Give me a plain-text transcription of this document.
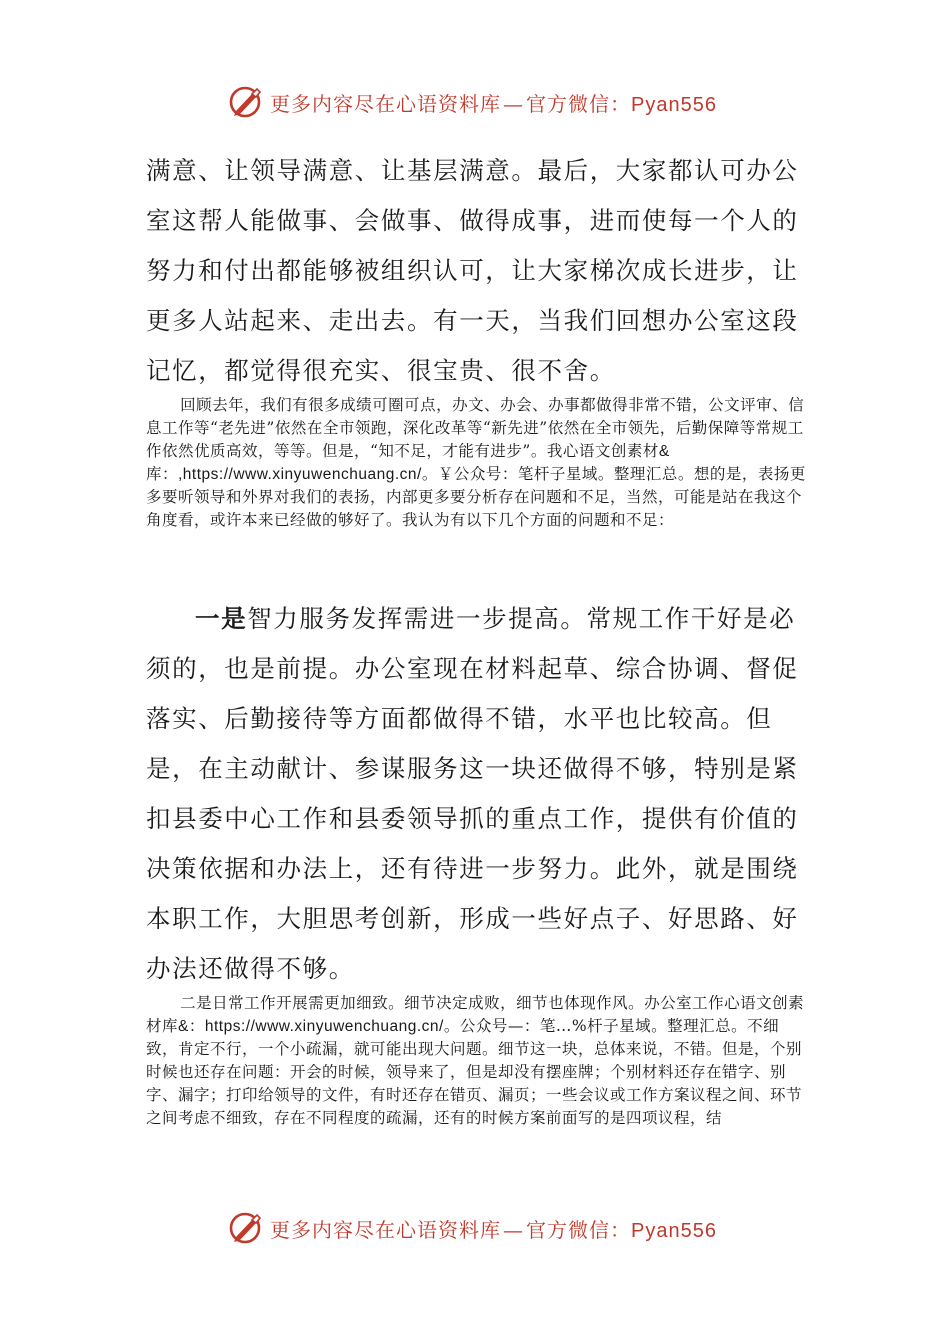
更多内容尽在心语资料库 — 官方微信：Pyan556

满意、让领导满意、让基层满意。最后，大家都认可办公室这帮人能做事、会做事、做得成事，进而使每一个人的努力和付出都能够被组织认可，让大家梯次成长进步，让更多人站起来、走出去。有一天，当我们回想办公室这段记忆，都觉得很充实、很宝贵、很不舍。

回顾去年，我们有很多成绩可圈可点，办文、办会、办事都做得非常不错，公文评审、信息工作等“老先进”依然在全市领跑，深化改革等“新先进”依然在全市领先，后勤保障等常规工作依然优质高效，等等。但是，“知不足，才能有进步”。我心语文创素材&库：,https://www.xinyuwenchuang.cn/。￥公众号：笔杆子星域。整理汇总。想的是，表扬更多要听领导和外界对我们的表扬，内部更多要分析存在问题和不足，当然，可能是站在我这个角度看，或许本来已经做的够好了。我认为有以下几个方面的问题和不足：

一是智力服务发挥需进一步提高。常规工作干好是必须的，也是前提。办公室现在材料起草、综合协调、督促落实、后勤接待等方面都做得不错，水平也比较高。但是，在主动献计、参谋服务这一块还做得不够，特别是紧扣县委中心工作和县委领导抓的重点工作，提供有价值的决策依据和办法上，还有待进一步努力。此外，就是围绕本职工作，大胆思考创新，形成一些好点子、好思路、好办法还做得不够。

二是日常工作开展需更加细致。细节决定成败，细节也体现作风。办公室工作心语文创素材库&：https://www.xinyuwenchuang.cn/。公众号—：笔…%杆子星域。整理汇总。不细致，肯定不行，一个小疏漏，就可能出现大问题。细节这一块，总体来说，不错。但是，个别时候也还存在问题：开会的时候，领导来了，但是却没有摆座牌；个别材料还存在错字、别字、漏字；打印给领导的文件，有时还存在错页、漏页；一些会议或工作方案议程之间、环节之间考虑不细致，存在不同程度的疏漏，还有的时候方案前面写的是四项议程，结

更多内容尽在心语资料库 — 官方微信：Pyan556
